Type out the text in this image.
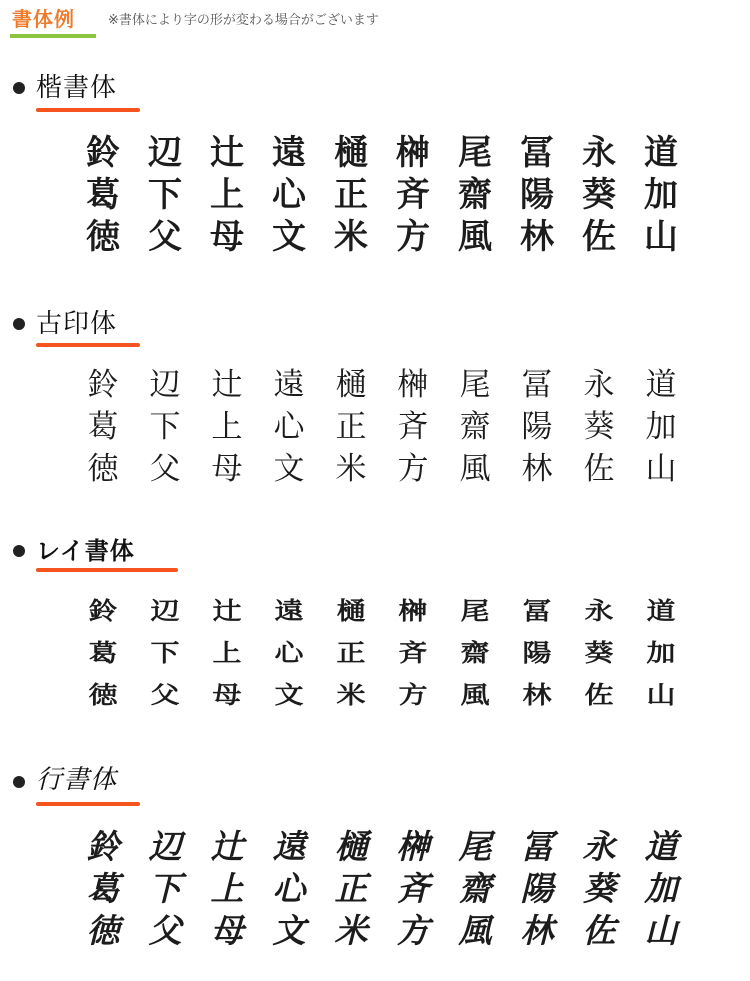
書体例	※書体により字の形が変わる場合がございます
楷書体
鈴 辺 辻 遠 樋 榊 尾 冨 永 道
葛 下 上 心 正 斉 齋 陽 葵 加
徳 父 母 文 米 方 風 林 佐 山
古印体
鈴	辺	辻	遠	樋	榊	尾	冨	永	道
葛	下	上	心	正	斉	齋	陽	葵	加
徳	父	母	文	米	方	風	林	佐	山
レイ書体
鈴	辺	辻	遠	樋	榊	尾	冨	永	道
葛	下	上	心	正	斉	齋	陽	葵	加
徳	父	母	文	米	方	風	林	佐	山
行書体
鈴 辺 辻 遠 樋 榊 尾 冨 永 道
葛 下 上 心 正 斉 齋 陽 葵 加
徳 父 母 文 米 方 風 林 佐 山
